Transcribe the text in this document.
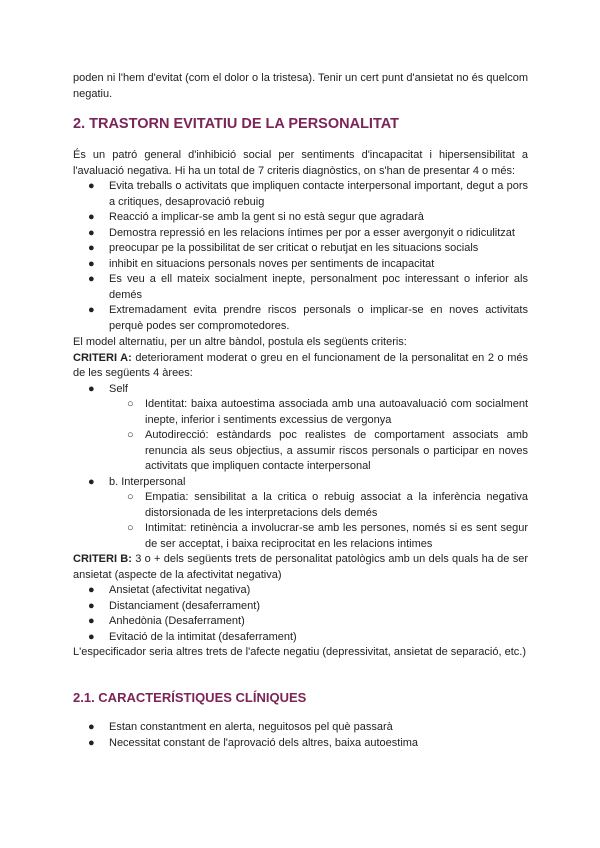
poden ni l'hem d'evitat (com el dolor o la tristesa). Tenir un cert punt d'ansietat no és quelcom negatiu.

2. TRASTORN EVITATIU DE LA PERSONALITAT

És un patró general d'inhibició social per sentiments d'incapacitat i hipersensibilitat a l'avaluació negativa. Hi ha un total de 7 criteris diagnòstics, on s'han de presentar 4 o més:

● Evita treballs o activitats que impliquen contacte interpersonal important, degut a pors a critiques, desaprovació rebuig
● Reacció a implicar-se amb la gent si no està segur que agradarà
● Demostra repressió en les relacions íntimes per por a esser avergonyit o ridiculitzat
● preocupar pe la possibilitat de ser criticat o rebutjat en les situacions socials
● inhibit en situacions personals noves per sentiments de incapacitat
● Es veu a ell mateix socialment inepte, personalment poc interessant o inferior als demés
● Extremadament evita prendre riscos personals o implicar-se en noves activitats perquè podes ser compromotedores.

El model alternatiu, per un altre bàndol, postula els següents criteris:

CRITERI A: deteriorament moderat o greu en el funcionament de la personalitat en 2 o més de les següents 4 àrees:

● Self
○ Identitat: baixa autoestima associada amb una autoavaluació com socialment inepte, inferior i sentiments excessius de vergonya
○ Autodirecció: estàndards poc realistes de comportament associats amb renuncia als seus objectius, a assumir riscos personals o participar en noves activitats que impliquen contacte interpersonal
● b. Interpersonal
○ Empatia: sensibilitat a la critica o rebuig associat a la inferència negativa distorsionada de les interpretacions dels demés
○ Intimitat: retinència a involucrar-se amb les persones, només si es sent segur de ser acceptat, i baixa reciprocitat en les relacions intimes

CRITERI B: 3 o + dels següents trets de personalitat patològics amb un dels quals ha de ser ansietat (aspecte de la afectivitat negativa)

● Ansietat (afectivitat negativa)
● Distanciament (desaferrament)
● Anhedònia (Desaferrament)
● Evitació de la intimitat (desaferrament)

L'especificador seria altres trets de l'afecte negatiu (depressivitat, ansietat de separació, etc.)

2.1. CARACTERÍSTIQUES CLÍNIQUES
● Estan constantment en alerta, neguitosos pel què passarà
● Necessitat constant de l'aprovació dels altres, baixa autoestima
